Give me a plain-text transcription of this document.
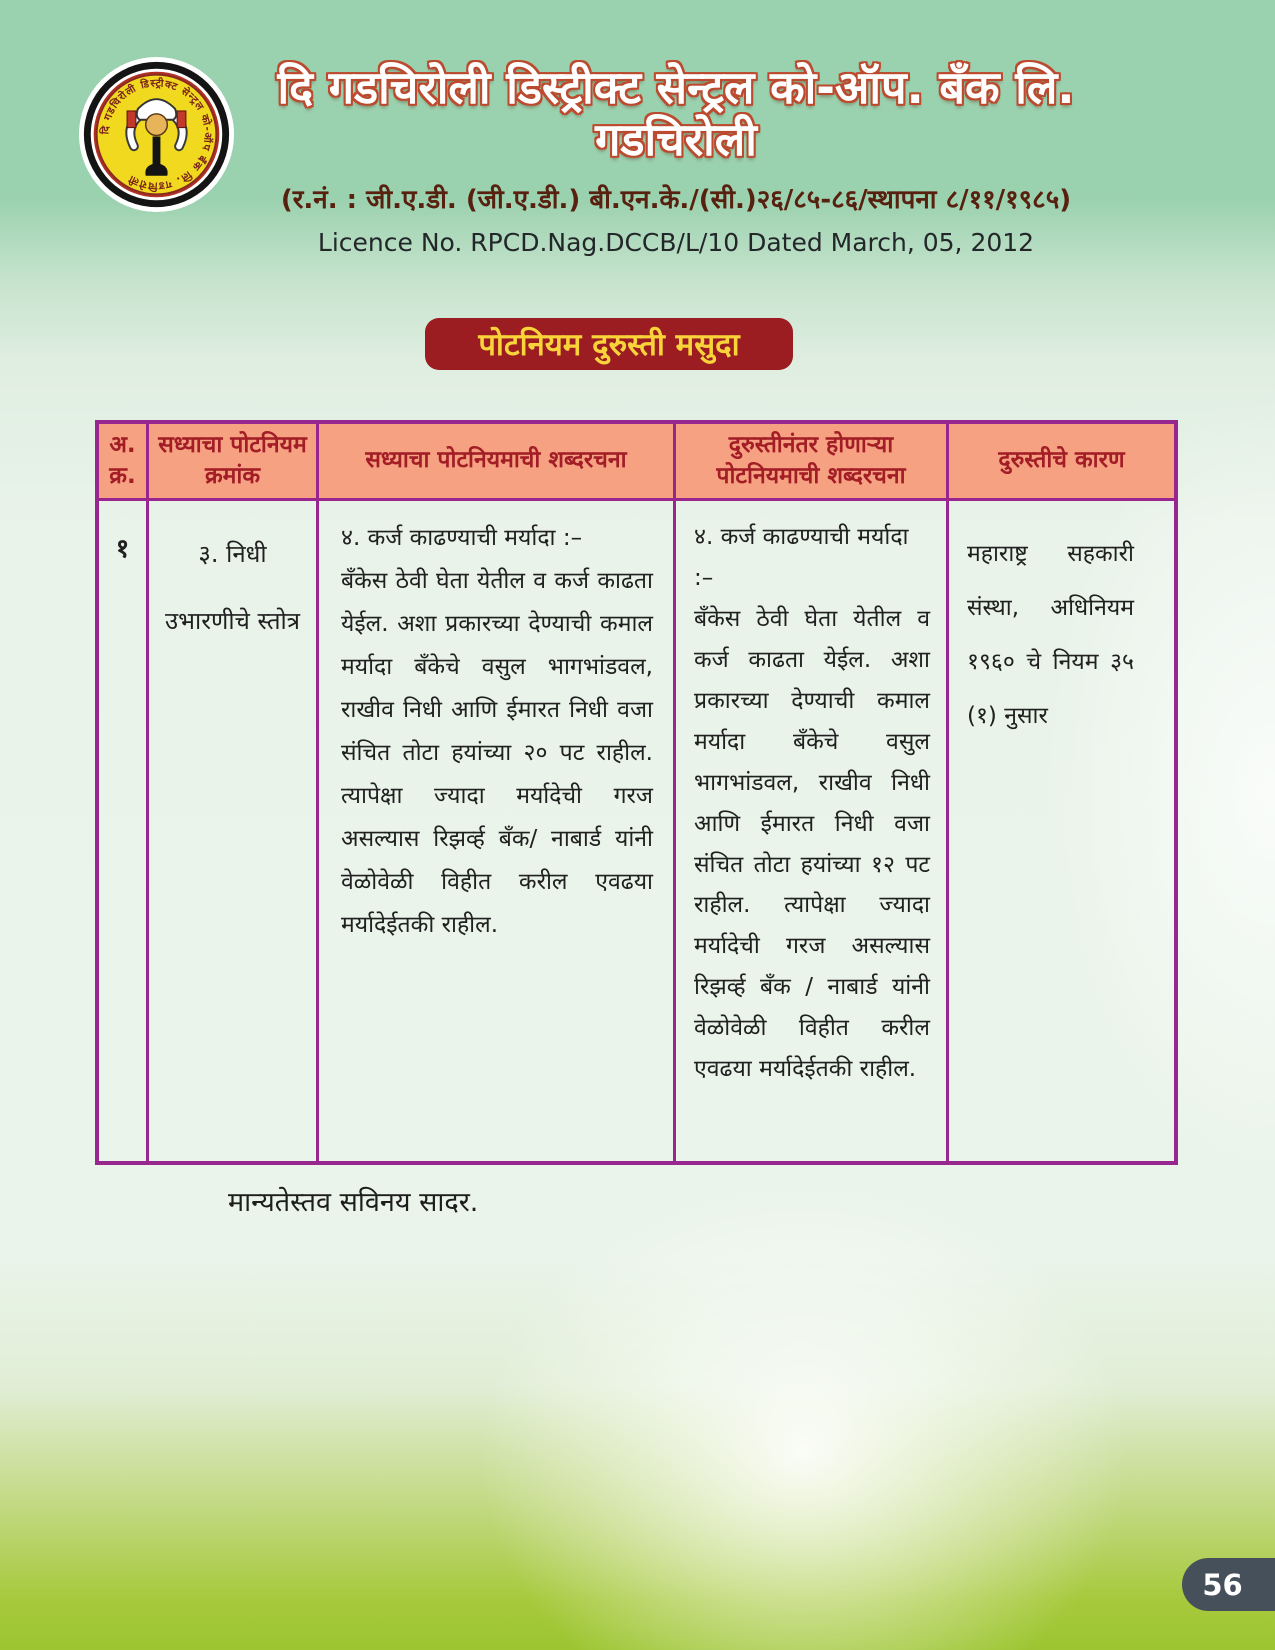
दि गडचिरोली डिस्ट्रीक्ट सेन्ट्रल को-ऑप बँक लि. गडचिरोली
दि गडचिरोली डिस्ट्रीक्ट सेन्ट्रल को-ऑप. बँक लि. गडचिरोली
(र.नं. : जी.ए.डी. (जी.ए.डी.) बी.एन.के./(सी.)२६/८५-८६/स्थापना ८/११/१९८५)
Licence No. RPCD.Nag.DCCB/L/10 Dated March, 05, 2012
पोटनियम दुरुस्ती मसुदा
अ. क्र.
सध्याचा पोटनियम क्रमांक
सध्याचा पोटनियमाची शब्दरचना
दुरुस्तीनंतर होणाऱ्या पोटनियमाची शब्दरचना
दुरुस्तीचे कारण
१	३. निधी उभारणीचे स्तोत्र
४. कर्ज काढण्याची मर्यादा :–
बँकेस ठेवी घेता येतील व कर्ज काढता येईल. अशा प्रकारच्या देण्याची कमाल मर्यादा बँकेचे वसुल भागभांडवल, राखीव निधी आणि ईमारत निधी वजा संचित तोटा हयांच्या २० पट राहील. त्यापेक्षा ज्यादा मर्यादेची गरज असल्यास रिझर्व्ह बँक/ नाबार्ड यांनी वेळोवेळी विहीत करील एवढया मर्यादेईतकी राहील.
४. कर्ज काढण्याची मर्यादा :–
बँकेस ठेवी घेता येतील व कर्ज काढता येईल. अशा प्रकारच्या देण्याची कमाल मर्यादा बँकेचे वसुल भागभांडवल, राखीव निधी आणि ईमारत निधी वजा संचित तोटा हयांच्या १२ पट राहील. त्यापेक्षा ज्यादा मर्यादेची गरज असल्यास रिझर्व्ह बँक / नाबार्ड यांनी वेळोवेळी विहीत करील एवढया मर्यादेईतकी राहील.
महाराष्ट्र सहकारी संस्था, अधिनियम १९६० चे नियम ३५ (१) नुसार
मान्यतेस्तव सविनय सादर.
56
